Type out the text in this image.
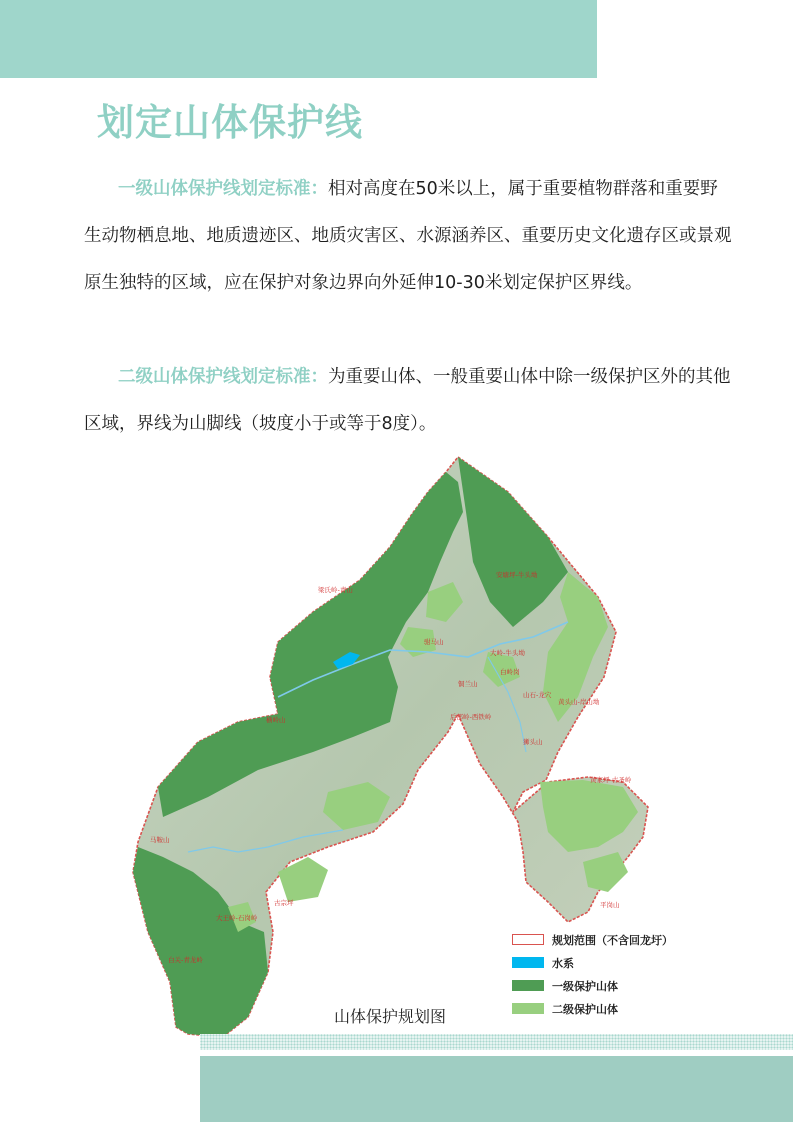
划定山体保护线

一级山体保护线划定标准：相对高度在50米以上，属于重要植物群落和重要野生动物栖息地、地质遗迹区、地质灾害区、水源涵养区、重要历史文化遗存区或景观原生独特的区域，应在保护对象边界向外延伸10-30米划定保护区界线。

二级山体保护线划定标准：为重要山体、一般重要山体中除一级保护区外的其他区域，界线为山脚线（坡度小于或等于8度）。

安塘坪-牛头坳
梁氏岭-青山
驸马山
大岭-牛头坳
白岭岗
铜兰山
后部岭-西铁岭
山石-龙穴
黄头山-岸山坳
狮头山
黄家坪-古圣岭
横岭山
马鞍山
白关-青龙岭
平岗山
古宗坪
大王岭-石岗岭
规划范围（不含回龙圩）
水系
一级保护山体
二级保护山体
山体保护规划图
